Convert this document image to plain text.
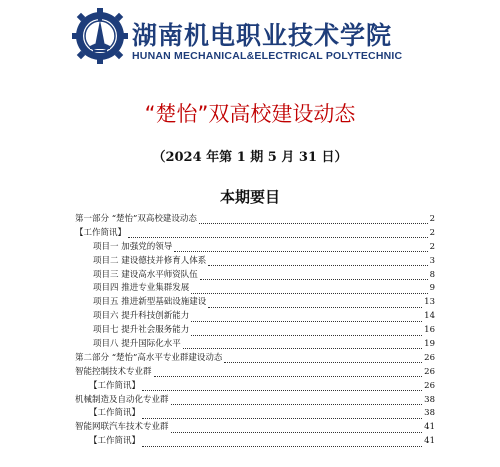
湖南机电职业技术学院
HUNAN MECHANICAL&ELECTRICAL POLYTECHNIC
“楚怡”双高校建设动态
（2024 年第 1 期 5 月 31 日）
本期要目
第一部分 “楚怡”双高校建设动态	2
【工作简讯】	2
项目一 加强党的领导	2
项目二 建设德技并修育人体系	3
项目三 建设高水平师资队伍	8
项目四 推进专业集群发展	9
项目五 推进新型基础设施建设	13
项目六 提升科技创新能力	14
项目七 提升社会服务能力	16
项目八 提升国际化水平	19
第二部分 “楚怡”高水平专业群建设动态	26
智能控制技术专业群	26
【工作简讯】	26
机械制造及自动化专业群	38
【工作简讯】	38
智能网联汽车技术专业群	41
【工作简讯】	41
